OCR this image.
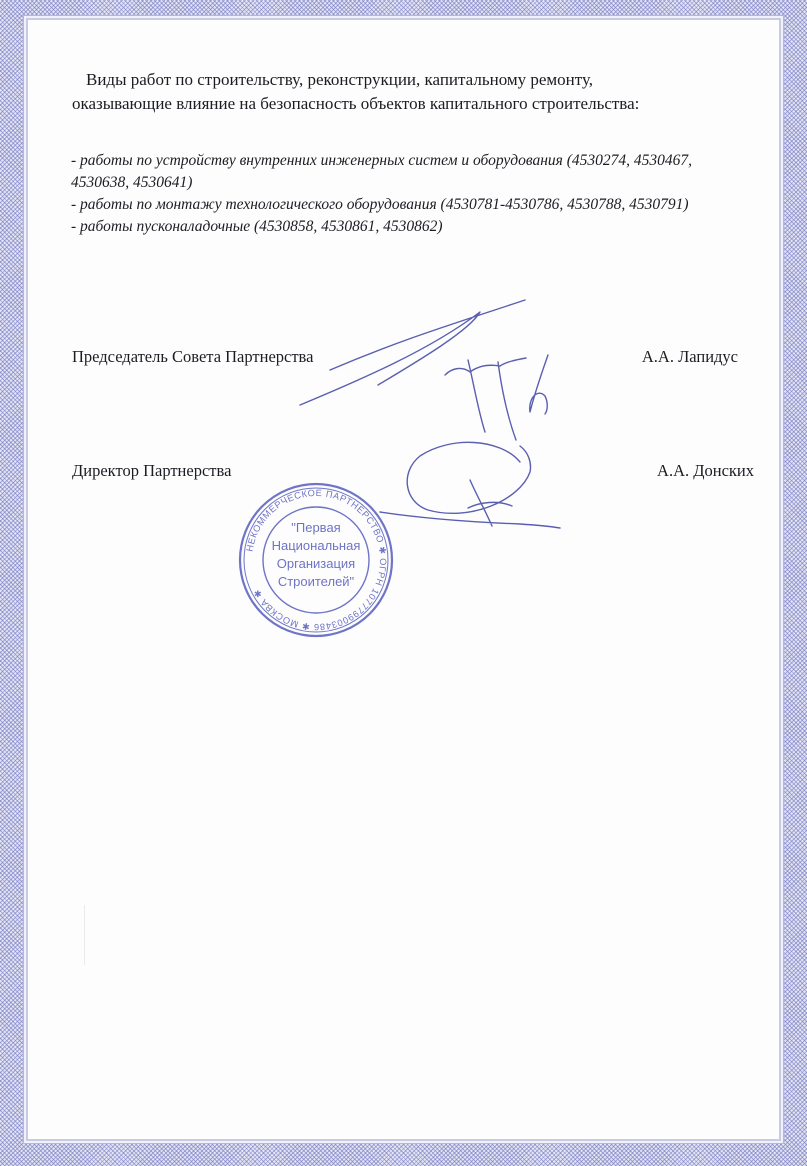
Виды работ по строительству, реконструкции, капитальному ремонту,

оказывающие влияние на безопасность объектов капитального строительства:

- работы по устройству внутренних инженерных систем и оборудования (4530274, 4530467,
4530638, 4530641)
- работы по монтажу технологического оборудования (4530781-4530786, 4530788, 4530791)
- работы пусконаладочные (4530858, 4530861, 4530862)
Председатель Совета Партнерства	А.А. Лапидус
Директор Партнерства	А.А. Донских
НЕКОММЕРЧЕСКОЕ ПАРТНЕРСТВО ✱ ОГРН 1077799003486 ✱ МОСКВА ✱
"Первая
Национальная
Организация
Строителей"
